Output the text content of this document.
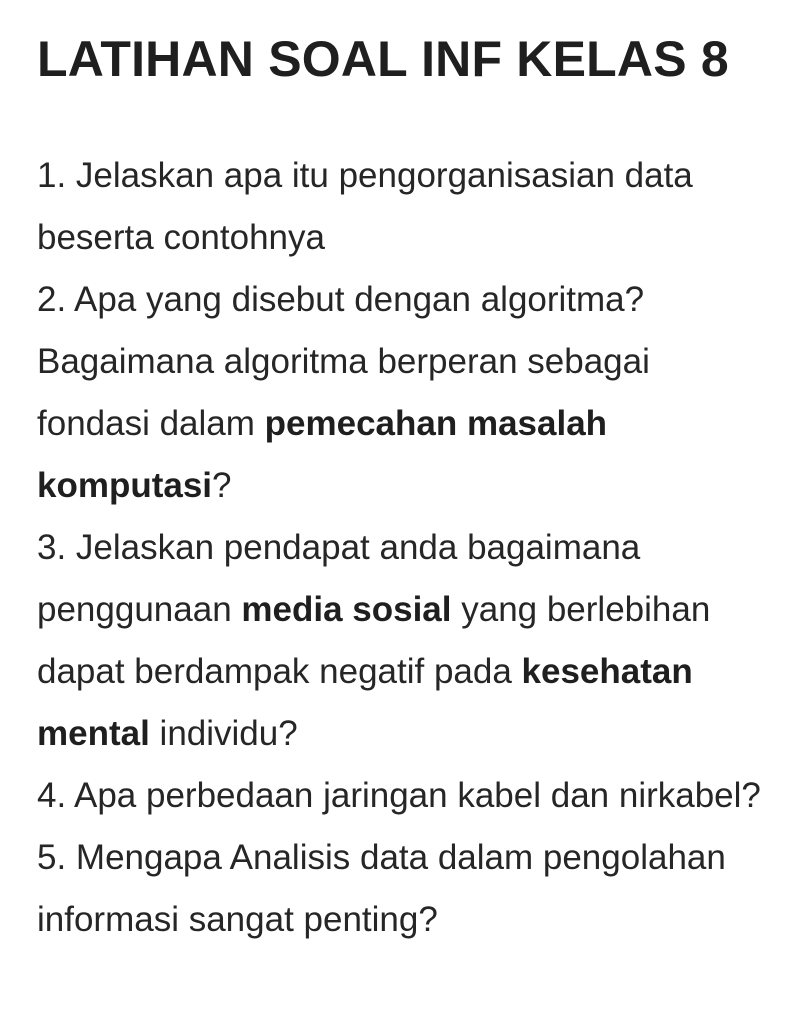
LATIHAN SOAL INF KELAS 8
1. Jelaskan apa itu pengorganisasian data beserta contohnya
2. Apa yang disebut dengan algoritma? Bagaimana algoritma berperan sebagai fondasi dalam pemecahan masalah komputasi?
3. Jelaskan pendapat anda bagaimana penggunaan media sosial yang berlebihan dapat berdampak negatif pada kesehatan mental individu?
4. Apa perbedaan jaringan kabel dan nirkabel?
5. Mengapa Analisis data dalam pengolahan informasi sangat penting?
